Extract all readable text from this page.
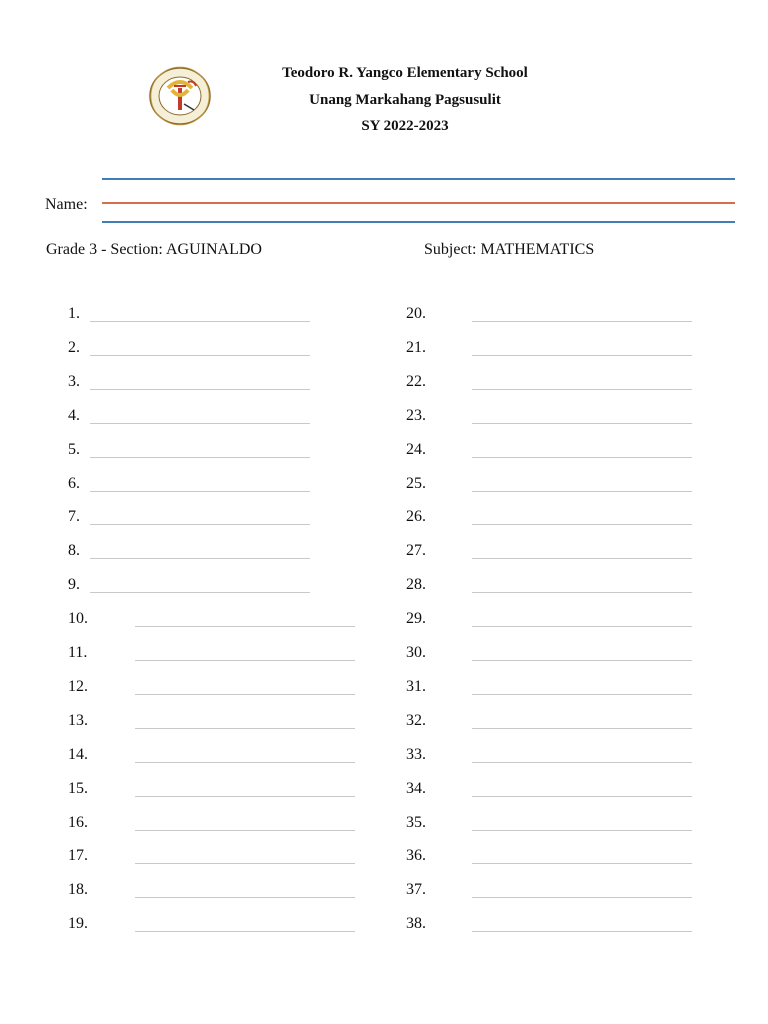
Teodoro R. Yangco Elementary School
Unang Markahang Pagsusulit
SY 2022-2023
Name:
Grade 3 - Section: AGUINALDO	Subject: MATHEMATICS
1.
2.
3.
4.
5.
6.
7.
8.
9.
10.
11.
12.
13.
14.
15.
16.
17.
18.
19.
20.
21.
22.
23.
24.
25.
26.
27.
28.
29.
30.
31.
32.
33.
34.
35.
36.
37.
38.
